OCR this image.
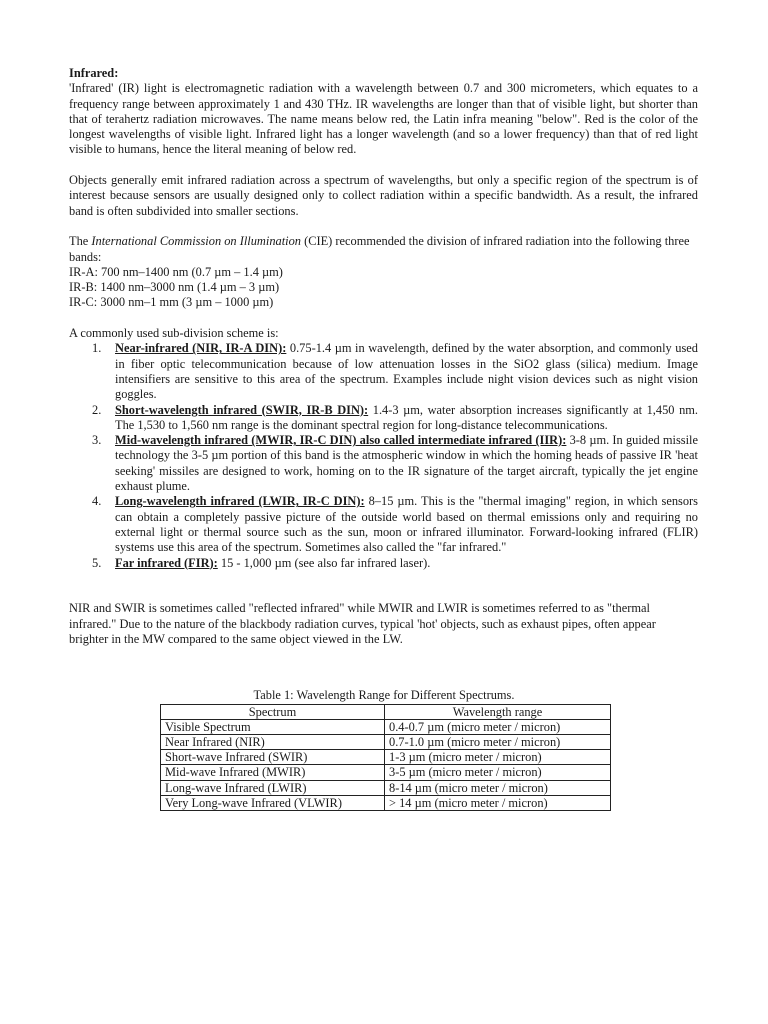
Infrared:

'Infrared' (IR) light is electromagnetic radiation with a wavelength between 0.7 and 300 micrometers, which equates to a frequency range between approximately 1 and 430 THz. IR wavelengths are longer than that of visible light, but shorter than that of terahertz radiation microwaves. The name means below red, the Latin infra meaning "below". Red is the color of the longest wavelengths of visible light. Infrared light has a longer wavelength (and so a lower frequency) than that of red light visible to humans, hence the literal meaning of below red.

Objects generally emit infrared radiation across a spectrum of wavelengths, but only a specific region of the spectrum is of interest because sensors are usually designed only to collect radiation within a specific bandwidth. As a result, the infrared band is often subdivided into smaller sections.

The International Commission on Illumination (CIE) recommended the division of infrared radiation into the following three bands:

IR-A: 700 nm–1400 nm (0.7 µm – 1.4 µm)

IR-B: 1400 nm–3000 nm (1.4 µm – 3 µm)

IR-C: 3000 nm–1 mm (3 µm – 1000 µm)

A commonly used sub-division scheme is:

1. Near-infrared (NIR, IR-A DIN): 0.75-1.4 µm in wavelength, defined by the water absorption, and commonly used in fiber optic telecommunication because of low attenuation losses in the SiO2 glass (silica) medium. Image intensifiers are sensitive to this area of the spectrum. Examples include night vision devices such as night vision goggles.
2. Short-wavelength infrared (SWIR, IR-B DIN): 1.4-3 µm, water absorption increases significantly at 1,450 nm. The 1,530 to 1,560 nm range is the dominant spectral region for long-distance telecommunications.
3. Mid-wavelength infrared (MWIR, IR-C DIN) also called intermediate infrared (IIR): 3-8 µm. In guided missile technology the 3-5 µm portion of this band is the atmospheric window in which the homing heads of passive IR 'heat seeking' missiles are designed to work, homing on to the IR signature of the target aircraft, typically the jet engine exhaust plume.
4. Long-wavelength infrared (LWIR, IR-C DIN): 8–15 µm. This is the "thermal imaging" region, in which sensors can obtain a completely passive picture of the outside world based on thermal emissions only and requiring no external light or thermal source such as the sun, moon or infrared illuminator. Forward-looking infrared (FLIR) systems use this area of the spectrum. Sometimes also called the "far infrared."
5. Far infrared (FIR): 15 - 1,000 µm (see also far infrared laser).

NIR and SWIR is sometimes called "reflected infrared" while MWIR and LWIR is sometimes referred to as "thermal infrared." Due to the nature of the blackbody radiation curves, typical 'hot' objects, such as exhaust pipes, often appear brighter in the MW compared to the same object viewed in the LW.

Table 1: Wavelength Range for Different Spectrums.

Spectrum	Wavelength range
Visible Spectrum	0.4-0.7 µm (micro meter / micron)
Near Infrared (NIR)	0.7-1.0 µm (micro meter / micron)
Short-wave Infrared (SWIR)	1-3 µm (micro meter / micron)
Mid-wave Infrared (MWIR)	3-5 µm (micro meter / micron)
Long-wave Infrared (LWIR)	8-14 µm (micro meter / micron)
Very Long-wave Infrared (VLWIR)	> 14 µm (micro meter / micron)
